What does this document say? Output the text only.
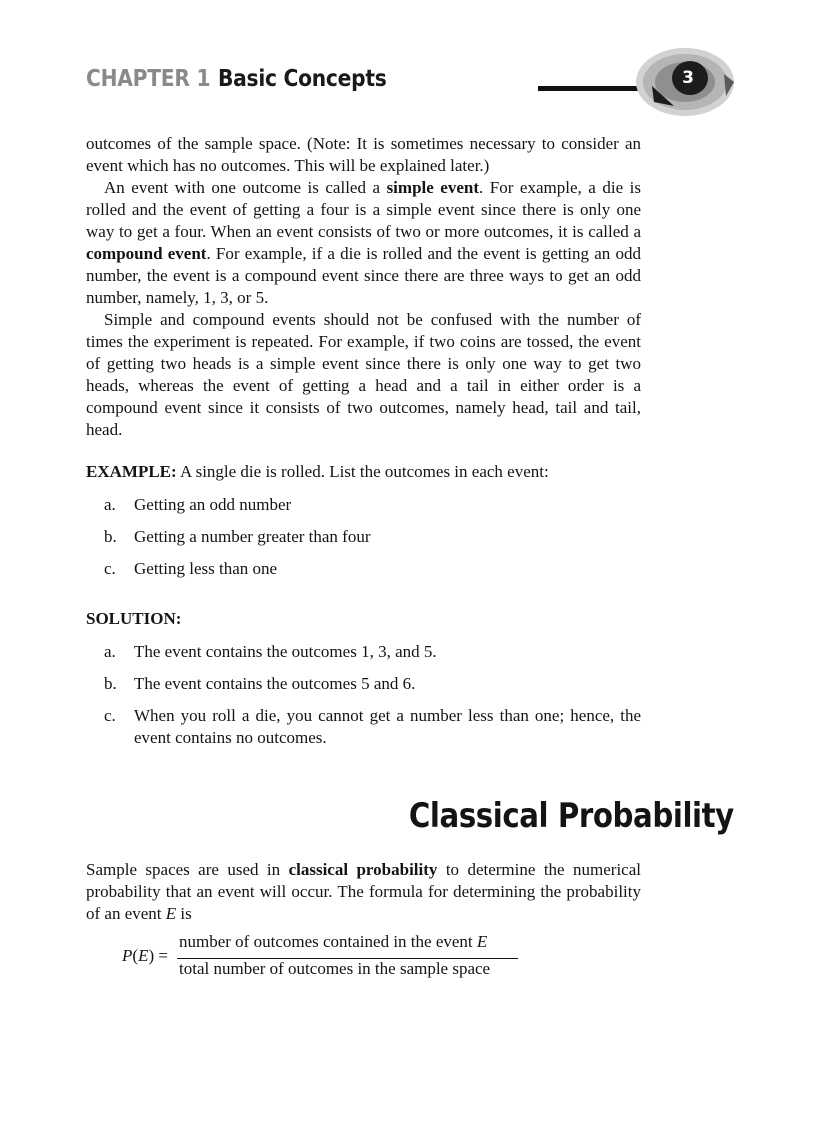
CHAPTER 1 Basic Concepts	3

outcomes of the sample space. (Note: It is sometimes necessary to consider an event which has no outcomes. This will be explained later.)

An event with one outcome is called a simple event. For example, a die is rolled and the event of getting a four is a simple event since there is only one way to get a four. When an event consists of two or more outcomes, it is called a compound event. For example, if a die is rolled and the event is getting an odd number, the event is a compound event since there are three ways to get an odd number, namely, 1, 3, or 5.

Simple and compound events should not be confused with the number of times the experiment is repeated. For example, if two coins are tossed, the event of getting two heads is a simple event since there is only one way to get two heads, whereas the event of getting a head and a tail in either order is a compound event since it consists of two outcomes, namely head, tail and tail, head.

EXAMPLE: A single die is rolled. List the outcomes in each event:

a. Getting an odd number

b. Getting a number greater than four

c. Getting less than one

SOLUTION:

a. The event contains the outcomes 1, 3, and 5.

b. The event contains the outcomes 5 and 6.

c. When you roll a die, you cannot get a number less than one; hence, the event contains no outcomes.

Classical Probability

Sample spaces are used in classical probability to determine the numerical probability that an event will occur. The formula for determining the probability of an event E is

P(E) =
number of outcomes contained in the event E
total number of outcomes in the sample space
